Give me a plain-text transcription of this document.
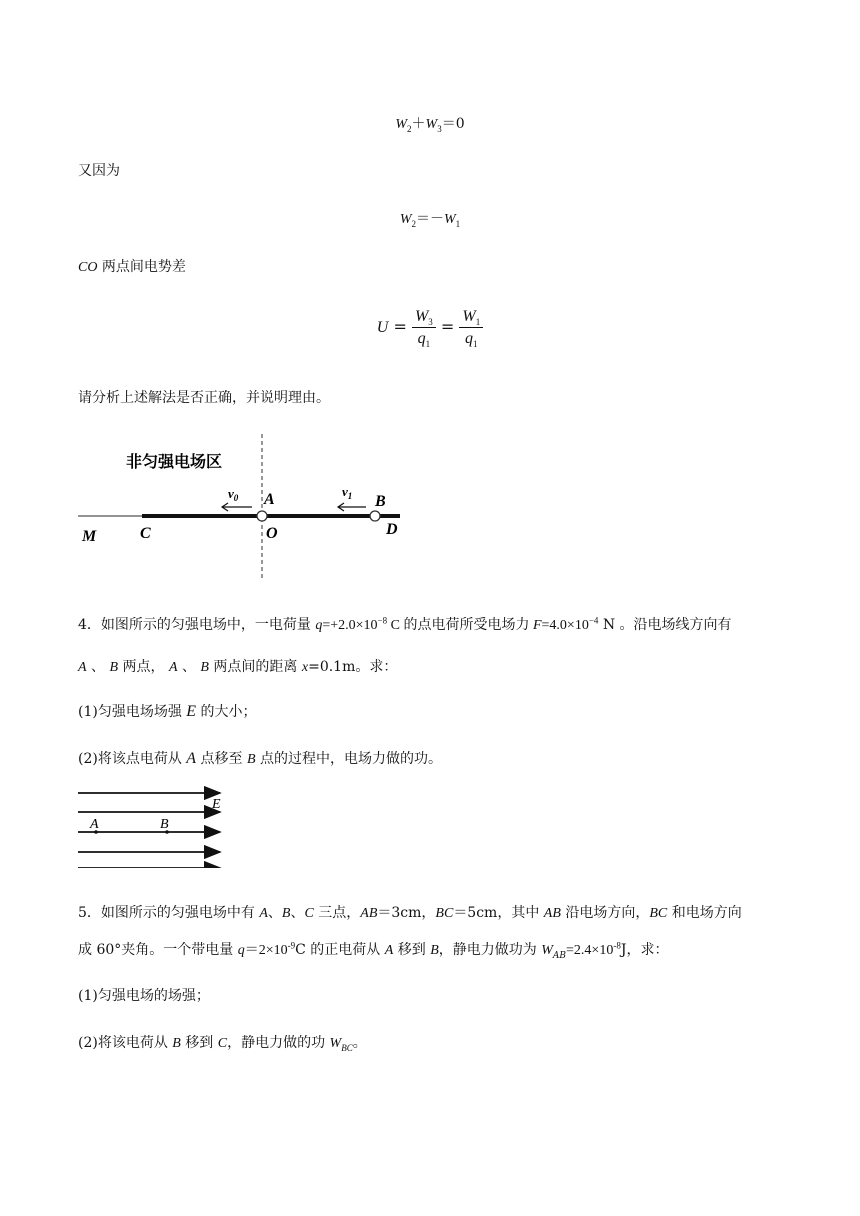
$W_2+W_3=0$
又因为
$W_2=-W_1$
CO 两点间电势差
$U = \frac{W_3}{q_1} = \frac{W_1}{q_1}$
请分析上述解法是否正确，并说明理由。
非匀强电场区
$v_0$	$v_1$
A	B
M	C	O	D
4．如图所示的匀强电场中，一电荷量 $q=+2.0\times 10^{-8}$ C 的点电荷所受电场力 $F=4.0\times 10^{-4}$ N 。沿电场线方向有
A 、 B 两点， A 、 B 两点间的距离 x=0.1m。求：
(1)匀强电场场强 E 的大小；
(2)将该点电荷从 A 点移至 B 点的过程中，电场力做的功。
A	B
E
5．如图所示的匀强电场中有 A、B、C 三点，AB＝3cm，BC＝5cm，其中 AB 沿电场方向，BC 和电场方向
成 60°夹角。一个带电量 $q=2\times 10^{-9}C$ 的正电荷从 A 移到 B，静电力做功为 $W_{AB}=2.4\times 10^{-8}J$，求：
(1)匀强电场的场强；
(2)将该电荷从 B 移到 C，静电力做的功 $W_{BC}$。
